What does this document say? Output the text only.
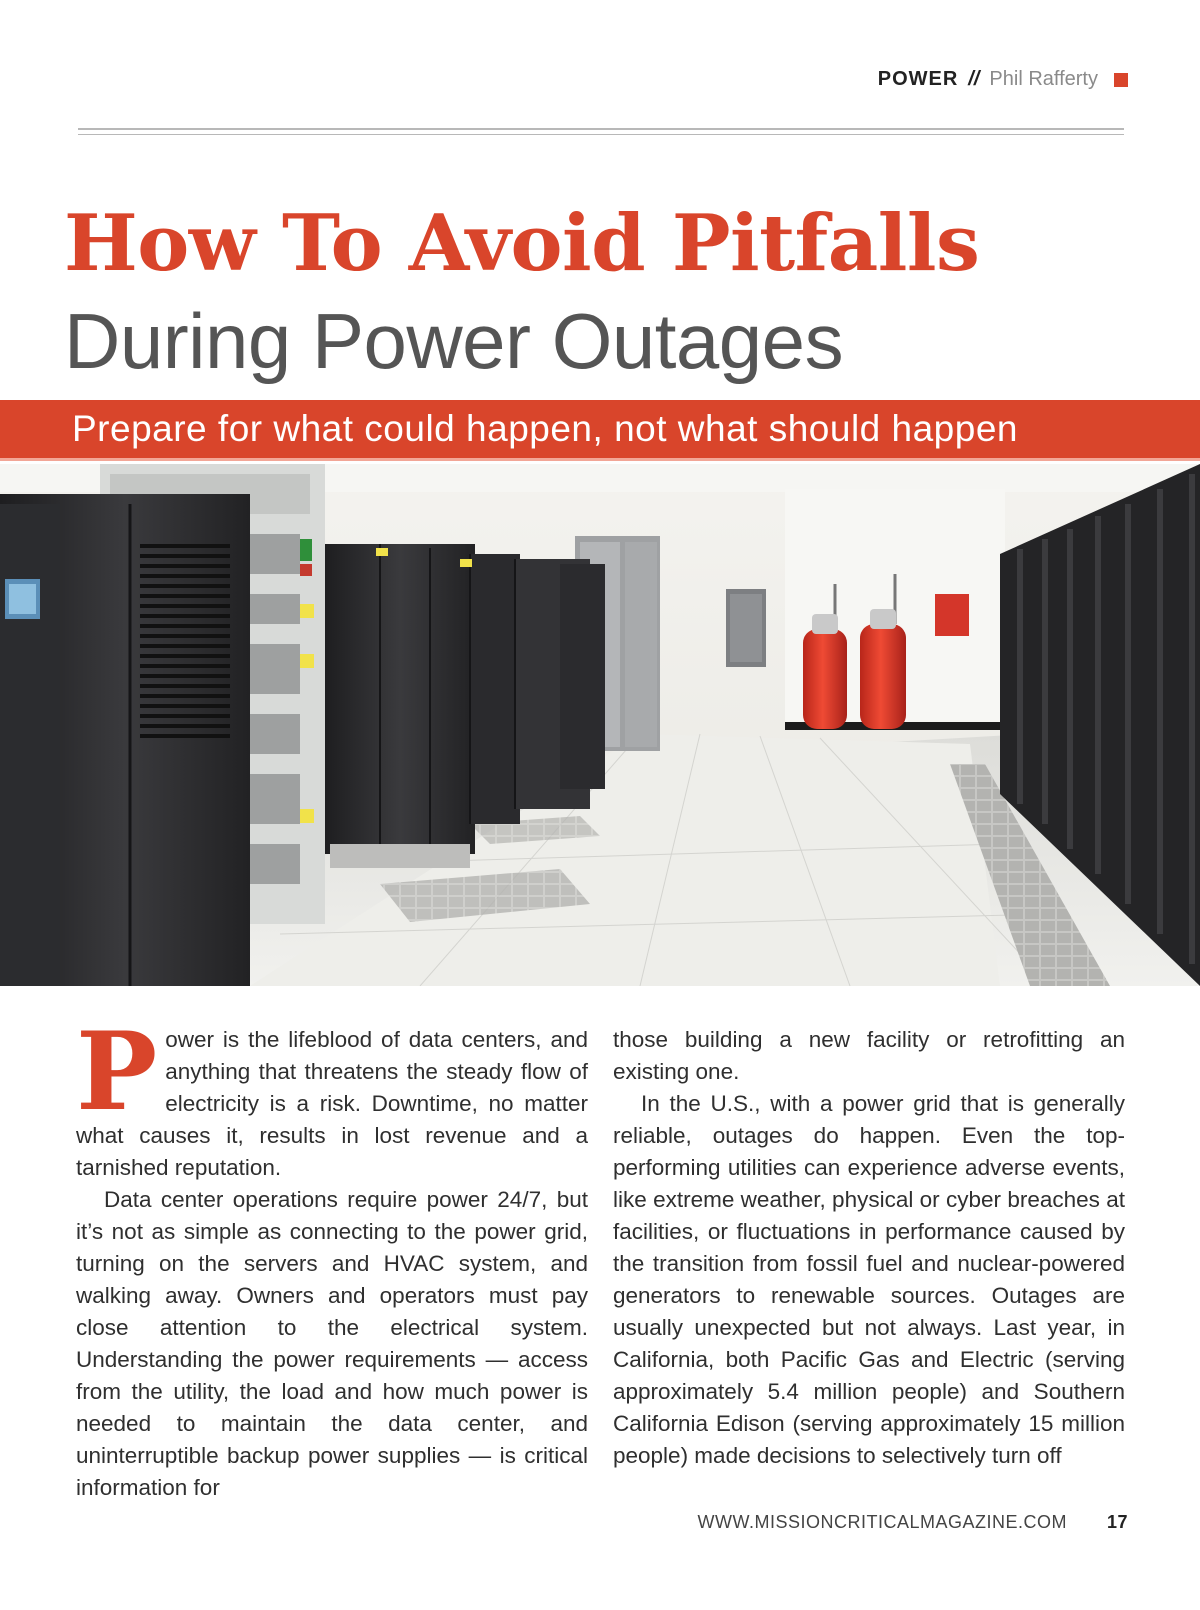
POWER // Phil Rafferty
How To Avoid Pitfalls
During Power Outages
Prepare for what could happen, not what should happen

Power is the lifeblood of data centers, and anything that threatens the steady flow of electricity is a risk. Downtime, no matter what causes it, results in lost revenue and a tarnished reputation.

Data center operations require power 24/7, but it’s not as simple as connecting to the power grid, turning on the servers and HVAC system, and walking away. Owners and operators must pay close attention to the electrical system. Understanding the power requirements — access from the utility, the load and how much power is needed to maintain the data center, and uninterruptible backup power supplies — is critical information for

those building a new facility or retrofitting an existing one.

In the U.S., with a power grid that is generally reliable, outages do happen. Even the top-performing utilities can experience adverse events, like extreme weather, physical or cyber breaches at facilities, or fluctuations in performance caused by the transition from fossil fuel and nuclear-powered generators to renewable sources. Outages are usually unexpected but not always. Last year, in California, both Pacific Gas and Electric (serving approximately 5.4 million people) and Southern California Edison (serving approximately 15 million people) made decisions to selectively turn off

WWW.MISSIONCRITICALMAGAZINE.COM 17
